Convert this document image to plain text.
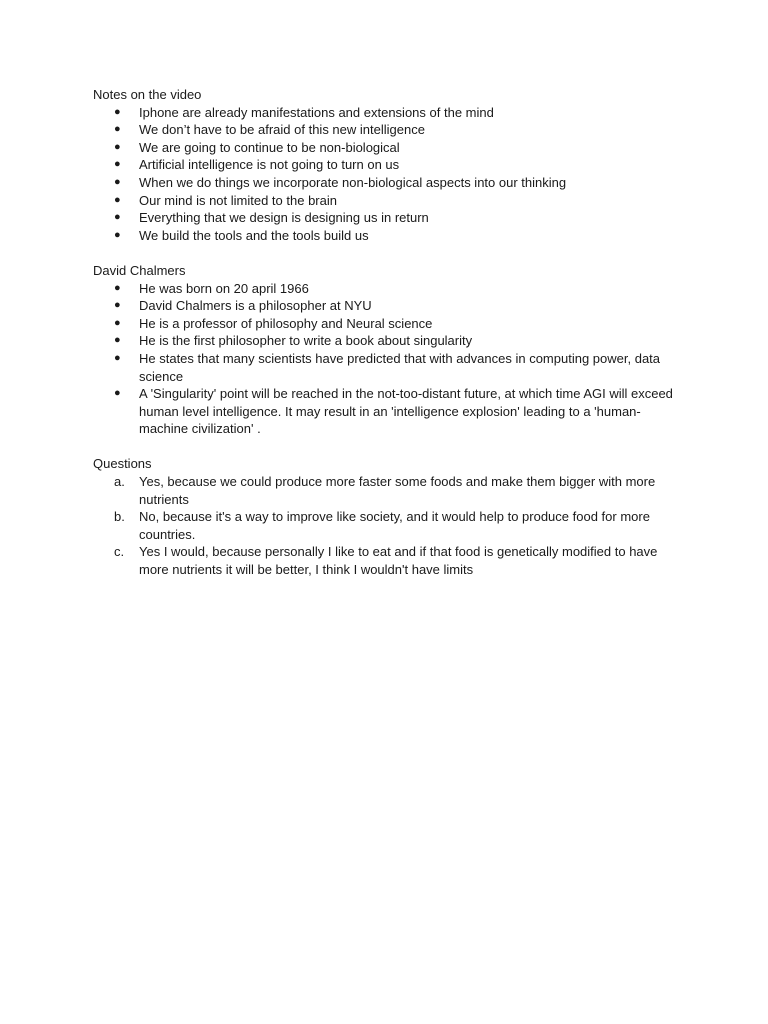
Notes on the video
●	Iphone are already manifestations and extensions of the mind
●	We don’t have to be afraid of this new intelligence
●	We are going to continue to be non-biological
●	Artificial intelligence is not going to turn on us
●	When we do things we incorporate non-biological aspects into our thinking
●	Our mind is not limited to the brain
●	Everything that we design is designing us in return
●	We build the tools and the tools build us
David Chalmers
●	He was born on 20 april 1966
●	David Chalmers is a philosopher at NYU
●	He is a professor of philosophy and Neural science
●	He is the first philosopher to write a book about singularity
●	He states that many scientists have predicted that with advances in computing power, data science
●	A 'Singularity' point will be reached in the not-too-distant future, at which time AGI will exceed human level intelligence. It may result in an 'intelligence explosion' leading to a 'human-machine civilization' .
Questions
a.	Yes, because we could produce more faster some foods and make them bigger with more nutrients
b.	No, because it's a way to improve like society, and it would help to produce food for more countries.
c.	Yes I would, because personally I like to eat and if that food is genetically modified to have more nutrients it will be better, I think I wouldn't have limits
